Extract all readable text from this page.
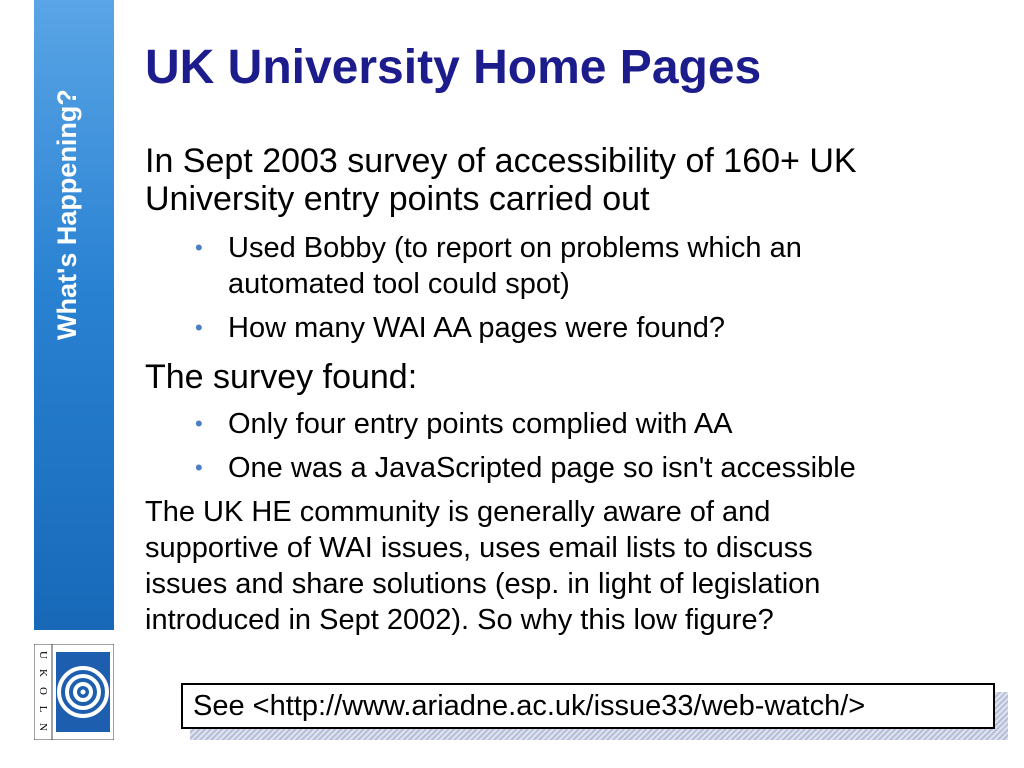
What's Happening?
U
K
O
L
N
UK University Home Pages

In Sept 2003 survey of accessibility of 160+ UK
University entry points carried out

• Used Bobby (to report on problems which an
automated tool could spot)
• How many WAI AA pages were found?

The survey found:

• Only four entry points complied with AA
• One was a JavaScripted page so isn't accessible

The UK HE community is generally aware of and
supportive of WAI issues, uses email lists to discuss
issues and share solutions (esp. in light of legislation
introduced in Sept 2002). So why this low figure?

See <http://www.ariadne.ac.uk/issue33/web-watch/>
